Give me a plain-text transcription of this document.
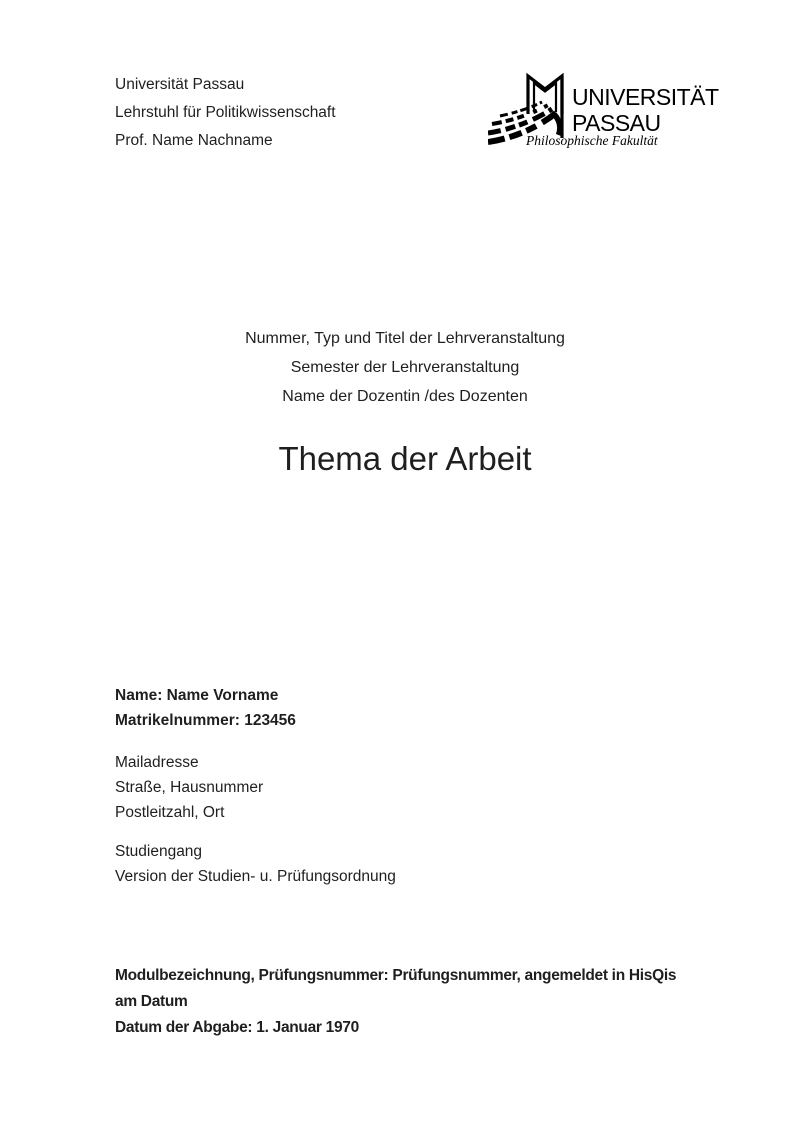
Universität Passau
Lehrstuhl für Politikwissenschaft
Prof. Name Nachname
UNIVERSITÄT
PASSAU
Philosophische Fakultät
Nummer, Typ und Titel der Lehrveranstaltung
Semester der Lehrveranstaltung
Name der Dozentin /des Dozenten
Thema der Arbeit
Name: Name Vorname
Matrikelnummer: 123456
Mailadresse
Straße, Hausnummer
Postleitzahl, Ort
Studiengang
Version der Studien- u. Prüfungsordnung
Modulbezeichnung, Prüfungsnummer: Prüfungsnummer, angemeldet in HisQis
am Datum
Datum der Abgabe: 1. Januar 1970
